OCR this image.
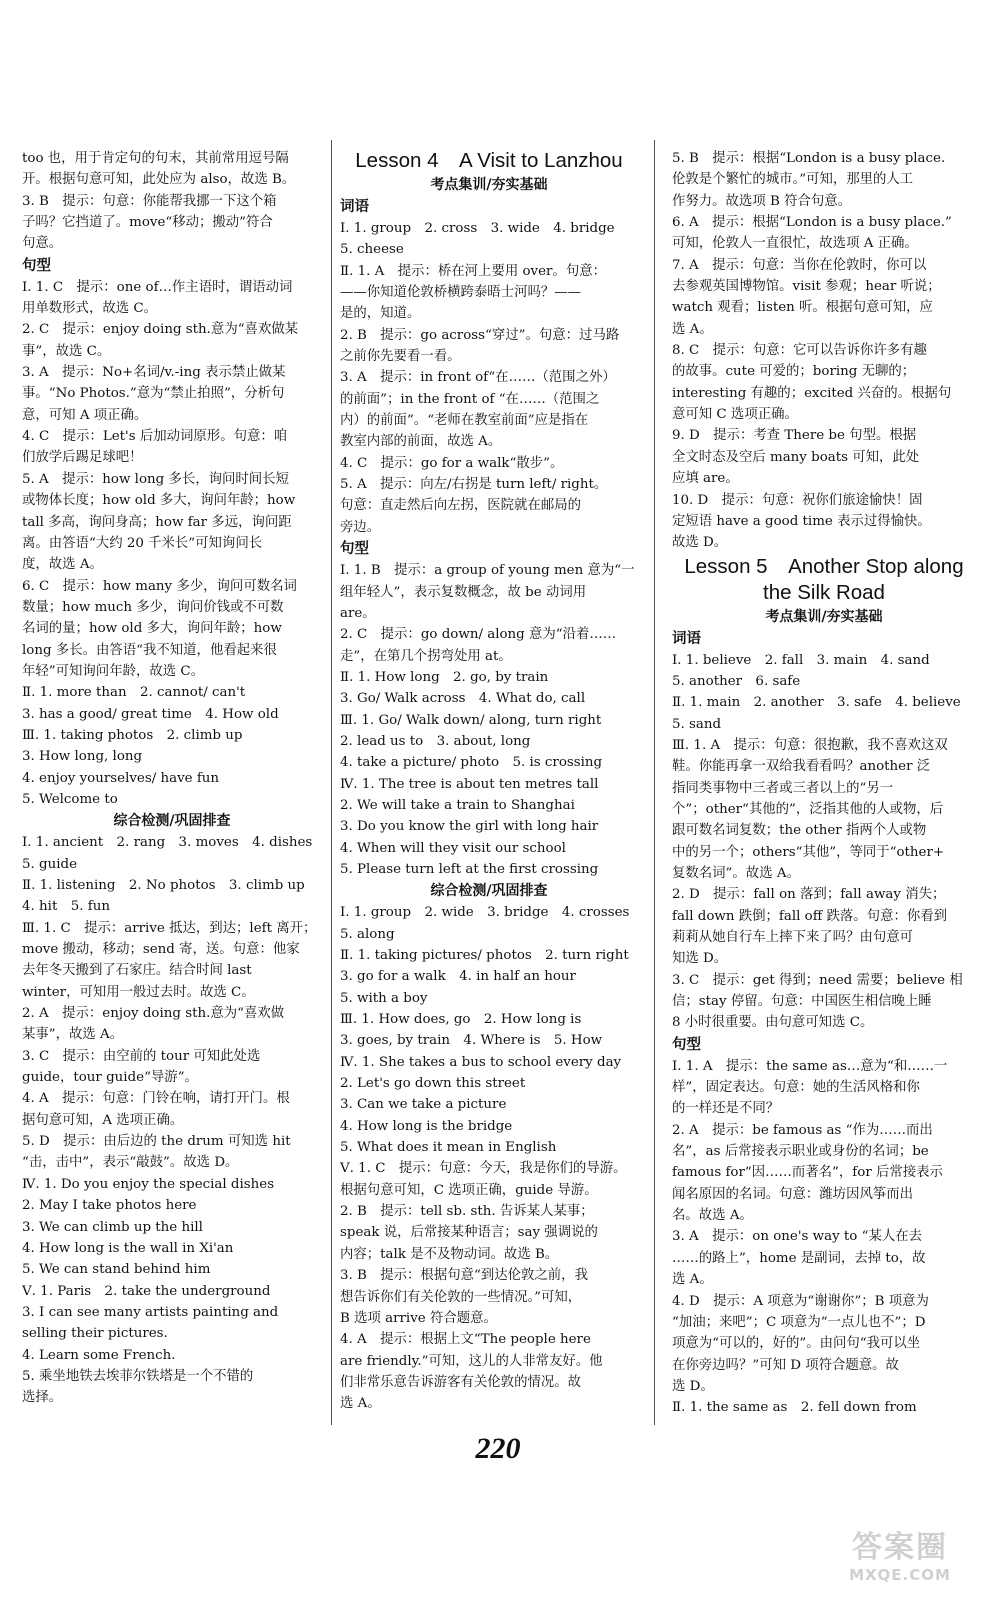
too 也，用于肯定句的句末，其前常用逗号隔
开。根据句意可知，此处应为 also，故选 B。
3. B　提示：句意：你能帮我挪一下这个箱
子吗？它挡道了。move“移动；搬动”符合
句意。
句型
Ⅰ. 1. C　提示：one of…作主语时，谓语动词
用单数形式，故选 C。
2. C　提示：enjoy doing sth.意为“喜欢做某
事”，故选 C。
3. A　提示：No+名词/v.-ing 表示禁止做某
事。“No Photos.”意为“禁止拍照”，分析句
意，可知 A 项正确。
4. C　提示：Let's 后加动词原形。句意：咱
们放学后踢足球吧！
5. A　提示：how long 多长，询问时间长短
或物体长度；how old 多大，询问年龄；how
tall 多高，询问身高；how far 多远，询问距
离。由答语“大约 20 千米长”可知询问长
度，故选 A。
6. C　提示：how many 多少，询问可数名词
数量；how much 多少，询问价钱或不可数
名词的量；how old 多大，询问年龄；how
long 多长。由答语“我不知道，他看起来很
年轻”可知询问年龄，故选 C。
Ⅱ. 1. more than　2. cannot/ can't
3. has a good/ great time　4. How old
Ⅲ. 1. taking photos　2. climb up
3. How long, long
4. enjoy yourselves/ have fun
5. Welcome to
综合检测/巩固排查
Ⅰ. 1. ancient　2. rang　3. moves　4. dishes
5. guide
Ⅱ. 1. listening　2. No photos　3. climb up
4. hit　5. fun
Ⅲ. 1. C　提示：arrive 抵达，到达；left 离开；
move 搬动，移动；send 寄，送。句意：他家
去年冬天搬到了石家庄。结合时间 last
winter，可知用一般过去时。故选 C。
2. A　提示：enjoy doing sth.意为“喜欢做
某事”，故选 A。
3. C　提示：由空前的 tour 可知此处选
guide，tour guide“导游”。
4. A　提示：句意：门铃在响，请打开门。根
据句意可知，A 选项正确。
5. D　提示：由后边的 the drum 可知选 hit
“击，击中”，表示“敲鼓”。故选 D。
Ⅳ. 1. Do you enjoy the special dishes
2. May I take photos here
3. We can climb up the hill
4. How long is the wall in Xi'an
5. We can stand behind him
Ⅴ. 1. Paris　2. take the underground
3. I can see many artists painting and
selling their pictures.
4. Learn some French.
5. 乘坐地铁去埃菲尔铁塔是一个不错的
选择。
Lesson 4　A Visit to Lanzhou
考点集训/夯实基础
词语
Ⅰ. 1. group　2. cross　3. wide　4. bridge
5. cheese
Ⅱ. 1. A　提示：桥在河上要用 over。句意：
——你知道伦敦桥横跨泰晤士河吗？——
是的，知道。
2. B　提示：go across“穿过”。句意：过马路
之前你先要看一看。
3. A　提示：in front of“在……（范围之外）
的前面”；in the front of “在……（范围之
内）的前面”。“老师在教室前面”应是指在
教室内部的前面，故选 A。
4. C　提示：go for a walk“散步”。
5. A　提示：向左/右拐是 turn left/ right。
句意：直走然后向左拐，医院就在邮局的
旁边。
句型
Ⅰ. 1. B　提示：a group of young men 意为“一
组年轻人”，表示复数概念，故 be 动词用
are。
2. C　提示：go down/ along 意为“沿着……
走”，在第几个拐弯处用 at。
Ⅱ. 1. How long　2. go, by train
3. Go/ Walk across　4. What do, call
Ⅲ. 1. Go/ Walk down/ along, turn right
2. lead us to　3. about, long
4. take a picture/ photo　5. is crossing
Ⅳ. 1. The tree is about ten metres tall
2. We will take a train to Shanghai
3. Do you know the girl with long hair
4. When will they visit our school
5. Please turn left at the first crossing
综合检测/巩固排查
Ⅰ. 1. group　2. wide　3. bridge　4. crosses
5. along
Ⅱ. 1. taking pictures/ photos　2. turn right
3. go for a walk　4. in half an hour
5. with a boy
Ⅲ. 1. How does, go　2. How long is
3. goes, by train　4. Where is　5. How
Ⅳ. 1. She takes a bus to school every day
2. Let's go down this street
3. Can we take a picture
4. How long is the bridge
5. What does it mean in English
Ⅴ. 1. C　提示：句意：今天，我是你们的导游。
根据句意可知，C 选项正确，guide 导游。
2. B　提示：tell sb. sth. 告诉某人某事；
speak 说，后常接某种语言；say 强调说的
内容；talk 是不及物动词。故选 B。
3. B　提示：根据句意“到达伦敦之前，我
想告诉你们有关伦敦的一些情况。”可知，
B 选项 arrive 符合题意。
4. A　提示：根据上文“The people here
are friendly.”可知，这儿的人非常友好。他
们非常乐意告诉游客有关伦敦的情况。故
选 A。
5. B　提示：根据“London is a busy place.
伦敦是个繁忙的城市。”可知，那里的人工
作努力。故选项 B 符合句意。
6. A　提示：根据“London is a busy place.”
可知，伦敦人一直很忙，故选项 A 正确。
7. A　提示：句意：当你在伦敦时，你可以
去参观英国博物馆。visit 参观；hear 听说；
watch 观看；listen 听。根据句意可知，应
选 A。
8. C　提示：句意：它可以告诉你许多有趣
的故事。cute 可爱的；boring 无聊的；
interesting 有趣的；excited 兴奋的。根据句
意可知 C 选项正确。
9. D　提示：考查 There be 句型。根据
全文时态及空后 many boats 可知，此处
应填 are。
10. D　提示：句意：祝你们旅途愉快！固
定短语 have a good time 表示过得愉快。
故选 D。
Lesson 5　Another Stop along
the Silk Road
考点集训/夯实基础
词语
Ⅰ. 1. believe　2. fall　3. main　4. sand
5. another　6. safe
Ⅱ. 1. main　2. another　3. safe　4. believe
5. sand
Ⅲ. 1. A　提示：句意：很抱歉，我不喜欢这双
鞋。你能再拿一双给我看看吗？another 泛
指同类事物中三者或三者以上的“另一
个”；other“其他的”，泛指其他的人或物，后
跟可数名词复数；the other 指两个人或物
中的另一个；others“其他”，等同于“other+
复数名词”。故选 A。
2. D　提示：fall on 落到；fall away 消失；
fall down 跌倒；fall off 跌落。句意：你看到
莉莉从她自行车上摔下来了吗？由句意可
知选 D。
3. C　提示：get 得到；need 需要；believe 相
信；stay 停留。句意：中国医生相信晚上睡
8 小时很重要。由句意可知选 C。
句型
Ⅰ. 1. A　提示：the same as…意为“和……一
样”，固定表达。句意：她的生活风格和你
的一样还是不同？
2. A　提示：be famous as “作为……而出
名”，as 后常接表示职业或身份的名词；be
famous for“因……而著名”，for 后常接表示
闻名原因的名词。句意：潍坊因风筝而出
名。故选 A。
3. A　提示：on one's way to “某人在去
……的路上”，home 是副词，去掉 to，故
选 A。
4. D　提示：A 项意为“谢谢你”；B 项意为
“加油；来吧”；C 项意为“一点儿也不”；D
项意为“可以的，好的”。由问句“我可以坐
在你旁边吗？”可知 D 项符合题意。故
选 D。
Ⅱ. 1. the same as　2. fell down from
220
答案圈
MXQE.COM
